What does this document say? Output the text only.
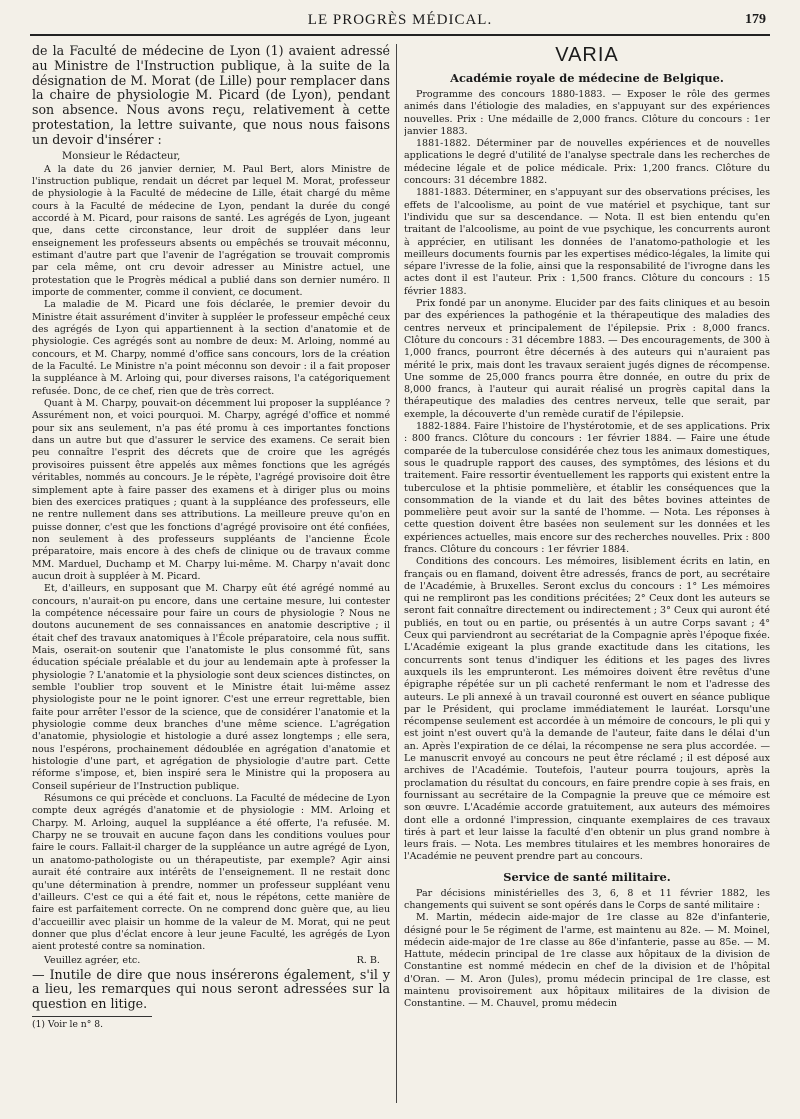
LE PROGRÈS MÉDICAL.	179

de la Faculté de médecine de Lyon (1) avaient adressé au Ministre de l'Instruction publique, à la suite de la désignation de M. Morat (de Lille) pour remplacer dans la chaire de physiologie M. Picard (de Lyon), pendant son absence. Nous avons reçu, relativement à cette protestation, la lettre suivante, que nous nous faisons un devoir d'insérer :

Monsieur le Rédacteur,

A la date du 26 janvier dernier, M. Paul Bert, alors Ministre de l'instruction publique, rendait un décret par lequel M. Morat, professeur de physiologie à la Faculté de médecine de Lille, était chargé du même cours à la Faculté de médecine de Lyon, pendant la durée du congé accordé à M. Picard, pour raisons de santé. Les agrégés de Lyon, jugeant que, dans cette circonstance, leur droit de suppléer dans leur enseignement les professeurs absents ou empêchés se trouvait méconnu, estimant d'autre part que l'avenir de l'agrégation se trouvait compromis par cela même, ont cru devoir adresser au Ministre actuel, une protestation que le Progrès médical a publié dans son dernier numéro. Il importe de commenter, comme il convient, ce document.

La maladie de M. Picard une fois déclarée, le premier devoir du Ministre était assurément d'inviter à suppléer le professeur empêché ceux des agrégés de Lyon qui appartiennent à la section d'anatomie et de physiologie. Ces agrégés sont au nombre de deux: M. Arloing, nommé au concours, et M. Charpy, nommé d'office sans concours, lors de la création de la Faculté. Le Ministre n'a point méconnu son devoir : il a fait proposer la suppléance à M. Arloing qui, pour diverses raisons, l'a catégoriquement refusée. Donc, de ce chef, rien que de très correct.

Quant à M. Charpy, pouvait-on décemment lui proposer la suppléance ? Assurément non, et voici pourquoi. M. Charpy, agrégé d'office et nommé pour six ans seulement, n'a pas été promu à ces importantes fonctions dans un autre but que d'assurer le service des examens. Ce serait bien peu connaître l'esprit des décrets que de croire que les agrégés provisoires puissent être appelés aux mêmes fonctions que les agrégés véritables, nommés au concours. Je le répète, l'agrégé provisoire doit être simplement apte à faire passer des examens et à diriger plus ou moins bien des exercices pratiques ; quant à la suppléance des professeurs, elle ne rentre nullement dans ses attributions. La meilleure preuve qu'on en puisse donner, c'est que les fonctions d'agrégé provisoire ont été confiées, non seulement à des professeurs suppléants de l'ancienne École préparatoire, mais encore à des chefs de clinique ou de travaux comme MM. Marduel, Duchamp et M. Charpy lui-même. M. Charpy n'avait donc aucun droit à suppléer à M. Picard.

Et, d'ailleurs, en supposant que M. Charpy eût été agrégé nommé au concours, n'aurait-on pu encore, dans une certaine mesure, lui contester la compétence nécessaire pour faire un cours de physiologie ? Nous ne doutons aucunement de ses connaissances en anatomie descriptive ; il était chef des travaux anatomiques à l'École préparatoire, cela nous suffit. Mais, oserait-on soutenir que l'anatomiste le plus consommé fût, sans éducation spéciale préalable et du jour au lendemain apte à professer la physiologie ? L'anatomie et la physiologie sont deux sciences distinctes, on semble l'oublier trop souvent et le Ministre était lui-même assez physiologiste pour ne le point ignorer. C'est une erreur regrettable, bien faite pour arrêter l'essor de la science, que de considérer l'anatomie et la physiologie comme deux branches d'une même science. L'agrégation d'anatomie, physiologie et histologie a duré assez longtemps ; elle sera, nous l'espérons, prochainement dédoublée en agrégation d'anatomie et histologie d'une part, et agrégation de physiologie d'autre part. Cette réforme s'impose, et, bien inspiré sera le Ministre qui la proposera au Conseil supérieur de l'Instruction publique.

Résumons ce qui précède et concluons. La Faculté de médecine de Lyon compte deux agrégés d'anatomie et de physiologie : MM. Arloing et Charpy. M. Arloing, auquel la suppléance a été offerte, l'a refusée. M. Charpy ne se trouvait en aucune façon dans les conditions voulues pour faire le cours. Fallait-il charger de la suppléance un autre agrégé de Lyon, un anatomo-pathologiste ou un thérapeutiste, par exemple? Agir ainsi aurait été contraire aux intérêts de l'enseignement. Il ne restait donc qu'une détermination à prendre, nommer un professeur suppléant venu d'ailleurs. C'est ce qui a été fait et, nous le répétons, cette manière de faire est parfaitement correcte. On ne comprend donc guère que, au lieu d'accueillir avec plaisir un homme de la valeur de M. Morat, qui ne peut donner que plus d'éclat encore à leur jeune Faculté, les agrégés de Lyon aient protesté contre sa nomination.

Veuillez agréer, etc.	R. B.

— Inutile de dire que nous insérerons également, s'il y a lieu, les remarques qui nous seront adressées sur la question en litige.

(1) Voir le n° 8.

VARIA
Académie royale de médecine de Belgique.

Programme des concours 1880-1883. — Exposer le rôle des germes animés dans l'étiologie des maladies, en s'appuyant sur des expériences nouvelles. Prix : Une médaille de 2,000 francs. Clôture du concours : 1er janvier 1883.

1881-1882. Déterminer par de nouvelles expériences et de nouvelles applications le degré d'utilité de l'analyse spectrale dans les recherches de médecine légale et de police médicale. Prix: 1,200 francs. Clôture du concours: 31 décembre 1882.

1881-1883. Déterminer, en s'appuyant sur des observations précises, les effets de l'alcoolisme, au point de vue matériel et psychique, tant sur l'individu que sur sa descendance. — Nota. Il est bien entendu qu'en traitant de l'alcoolisme, au point de vue psychique, les concurrents auront à apprécier, en utilisant les données de l'anatomo-pathologie et les meilleurs documents fournis par les expertises médico-légales, la limite qui sépare l'ivresse de la folie, ainsi que la responsabilité de l'ivrogne dans les actes dont il est l'auteur. Prix : 1,500 francs. Clôture du concours : 15 février 1883.

Prix fondé par un anonyme. Elucider par des faits cliniques et au besoin par des expériences la pathogénie et la thérapeutique des maladies des centres nerveux et principalement de l'épilepsie. Prix : 8,000 francs. Clôture du concours : 31 décembre 1883. — Des encouragements, de 300 à 1,000 francs, pourront être décernés à des auteurs qui n'auraient pas mérité le prix, mais dont les travaux seraient jugés dignes de récompense. Une somme de 25,000 francs pourra être donnée, en outre du prix de 8,000 francs, à l'auteur qui aurait réalisé un progrès capital dans la thérapeutique des maladies des centres nerveux, telle que serait, par exemple, la découverte d'un remède curatif de l'épilepsie.

1882-1884. Faire l'histoire de l'hystérotomie, et de ses applications. Prix : 800 francs. Clôture du concours : 1er février 1884. — Faire une étude comparée de la tuberculose considérée chez tous les animaux domestiques, sous le quadruple rapport des causes, des symptômes, des lésions et du traitement. Faire ressortir éventuellement les rapports qui existent entre la tuberculose et la phtisie pommelière, et établir les conséquences que la consommation de la viande et du lait des bêtes bovines atteintes de pommelière peut avoir sur la santé de l'homme. — Nota. Les réponses à cette question doivent être basées non seulement sur les données et les expériences actuelles, mais encore sur des recherches nouvelles. Prix : 800 francs. Clôture du concours : 1er février 1884.

Conditions des concours. Les mémoires, lisiblement écrits en latin, en français ou en flamand, doivent être adressés, francs de port, au secrétaire de l'Académie, à Bruxelles. Seront exclus du concours : 1° Les mémoires qui ne rempliront pas les conditions précitées; 2° Ceux dont les auteurs se seront fait connaître directement ou indirectement ; 3° Ceux qui auront été publiés, en tout ou en partie, ou présentés à un autre Corps savant ; 4° Ceux qui parviendront au secrétariat de la Compagnie après l'époque fixée. L'Académie exigeant la plus grande exactitude dans les citations, les concurrents sont tenus d'indiquer les éditions et les pages des livres auxquels ils les emprunteront. Les mémoires doivent être revêtus d'une épigraphe répétée sur un pli cacheté renfermant le nom et l'adresse des auteurs. Le pli annexé à un travail couronné est ouvert en séance publique par le Président, qui proclame immédiatement le lauréat. Lorsqu'une récompense seulement est accordée à un mémoire de concours, le pli qui y est joint n'est ouvert qu'à la demande de l'auteur, faite dans le délai d'un an. Après l'expiration de ce délai, la récompense ne sera plus accordée. — Le manuscrit envoyé au concours ne peut être réclamé ; il est déposé aux archives de l'Académie. Toutefois, l'auteur pourra toujours, après la proclamation du résultat du concours, en faire prendre copie à ses frais, en fournissant au secrétaire de la Compagnie la preuve que ce mémoire est son œuvre. L'Académie accorde gratuitement, aux auteurs des mémoires dont elle a ordonné l'impression, cinquante exemplaires de ces travaux tirés à part et leur laisse la faculté d'en obtenir un plus grand nombre à leurs frais. — Nota. Les membres titulaires et les membres honoraires de l'Académie ne peuvent prendre part au concours.

Service de santé militaire.

Par décisions ministérielles des 3, 6, 8 et 11 février 1882, les changements qui suivent se sont opérés dans le Corps de santé militaire :

M. Martin, médecin aide-major de 1re classe au 82e d'infanterie, désigné pour le 5e régiment de l'arme, est maintenu au 82e. — M. Moinel, médecin aide-major de 1re classe au 86e d'infanterie, passe au 85e. — M. Hattute, médecin principal de 1re classe aux hôpitaux de la division de Constantine est nommé médecin en chef de la division et de l'hôpital d'Oran. — M. Aron (Jules), promu médecin principal de 1re classe, est maintenu provisoirement aux hôpitaux militaires de la division de Constantine. — M. Chauvel, promu médecin
